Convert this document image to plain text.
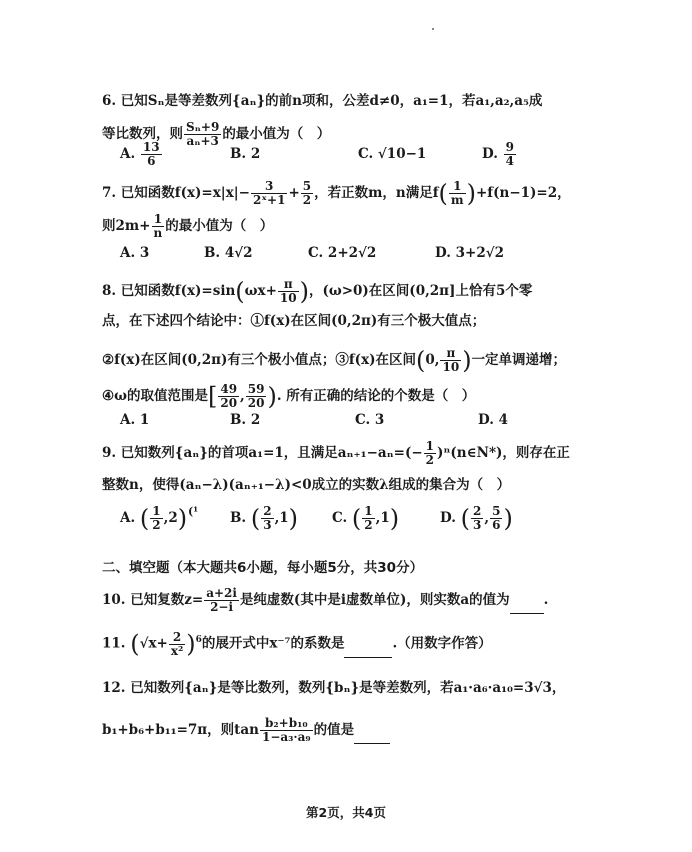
6. 已知Sₙ是等差数列{aₙ}的前n项和，公差d≠0，a₁=1，若a₁,a₂,a₅成
等比数列，则 $\frac{\text{Sₙ+9}}{\text{aₙ+3}}$ 的最小值为（　）
A. $\frac{13}{6}$	B. 2	C. √10−1	D. $\frac{9}{4}$
7. 已知函数$f(x)=x|x|- \frac{3}{\text{2ˣ+1}} + \frac{5}{2}$ ，若正数m，n满足$f( \frac{1}{m} )+f(n-1)=2$，
则$2m+ \frac{1}{n}$ 的最小值为（　）
A. 3	B. 4√2	C. 2+2√2	D. 3+2√2
8. 已知函数$f(x)=\sin(\omega x+ \frac{\pi}{10}$ )，(ω>0)在区间(0,2π]上恰有5个零
点，在下述四个结论中：①f(x)在区间(0,2π)有三个极大值点；
②f(x)在区间(0,2π)有三个极小值点；③f(x)在区间(0, $\frac{\pi}{10}$ )一定单调递增；
④ω的取值范围是[ $\frac{49}{20}$ , $\frac{59}{20}$ ). 所有正确的结论的个数是（　）
A. 1	B. 2	C. 3	D. 4
9. 已知数列{aₙ}的首项a₁=1，且满足$a_{n+1}-a_n=(- \frac{1}{2}$ )ⁿ(n∈N*)，则存在正
整数n，使得(aₙ−λ)(aₙ₊₁−λ)<0成立的实数λ组成的集合为（　）
A. ( $\frac{1}{2} ,2$) (¹ B. ( $\frac{2}{3} ,1$)	C. ( $\frac{1}{2} ,1$)	D. ( $\frac{2}{3}$ , $\frac{5}{6}$ )
二、填空题（本大题共6小题，每小题5分，共30分）
10. 已知复数$z= \frac{a+2i}{2-i}$ 是纯虚数(其中是i虚数单位)，则实数a的值为	.
11. $(√x+ \frac{2}{\text{x²}} )^6$的展开式中x⁻⁷的系数是	.（用数字作答）
12. 已知数列{aₙ}是等比数列，数列{bₙ}是等差数列，若a₁·a₆·a₁₀=3√3，
b₁+b₆+b₁₁=7π，则$\tan \frac{\text{b₂+b₁₀}}{\text{1−a₃·a₉}}$ 的值是
第2页，共4页
